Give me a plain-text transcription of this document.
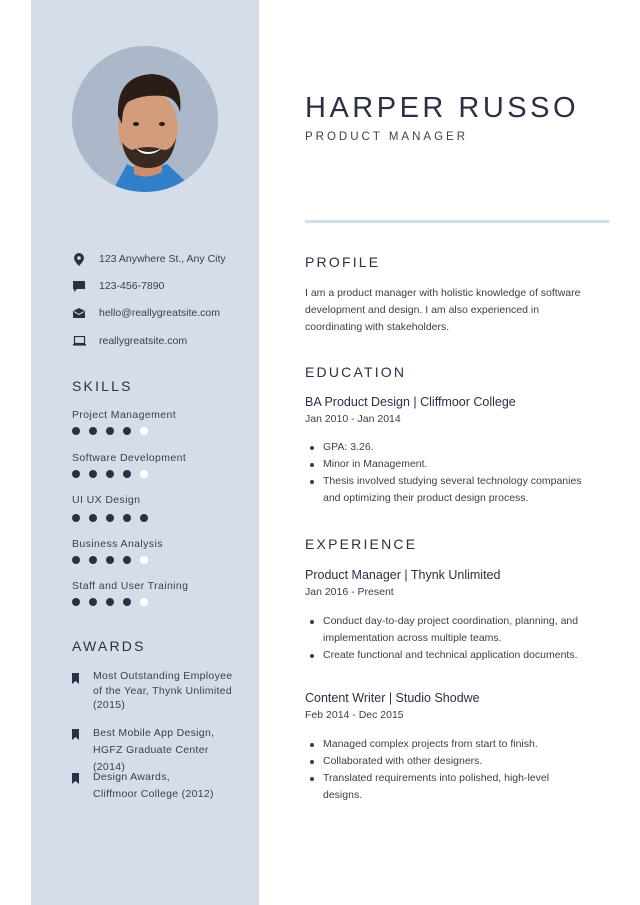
123 Anywhere St., Any City
123-456-7890
hello@reallygreatsite.com
reallygreatsite.com
SKILLS
Project Management
Software Development
UI UX Design
Business Analysis
Staff and User Training
AWARDS
Most Outstanding Employee
of the Year, Thynk Unlimited
(2015)
Best Mobile App Design,
HGFZ Graduate Center (2014)
Design Awards,
Cliffmoor College (2012)
HARPER RUSSO
PRODUCT MANAGER
PROFILE
I am a product manager with holistic knowledge of software development and design. I am also experienced in coordinating with stakeholders.
EDUCATION
BA Product Design | Cliffmoor College
Jan 2010 - Jan 2014
GPA: 3.26.
Minor in Management.
Thesis involved studying several technology companies and optimizing their product design process.
EXPERIENCE
Product Manager | Thynk Unlimited
Jan 2016 - Present
Conduct day-to-day project coordination, planning, and implementation across multiple teams.
Create functional and technical application documents.
Content Writer | Studio Shodwe
Feb 2014 - Dec 2015
Managed complex projects from start to finish.
Collaborated with other designers.
Translated requirements into polished, high-level designs.
